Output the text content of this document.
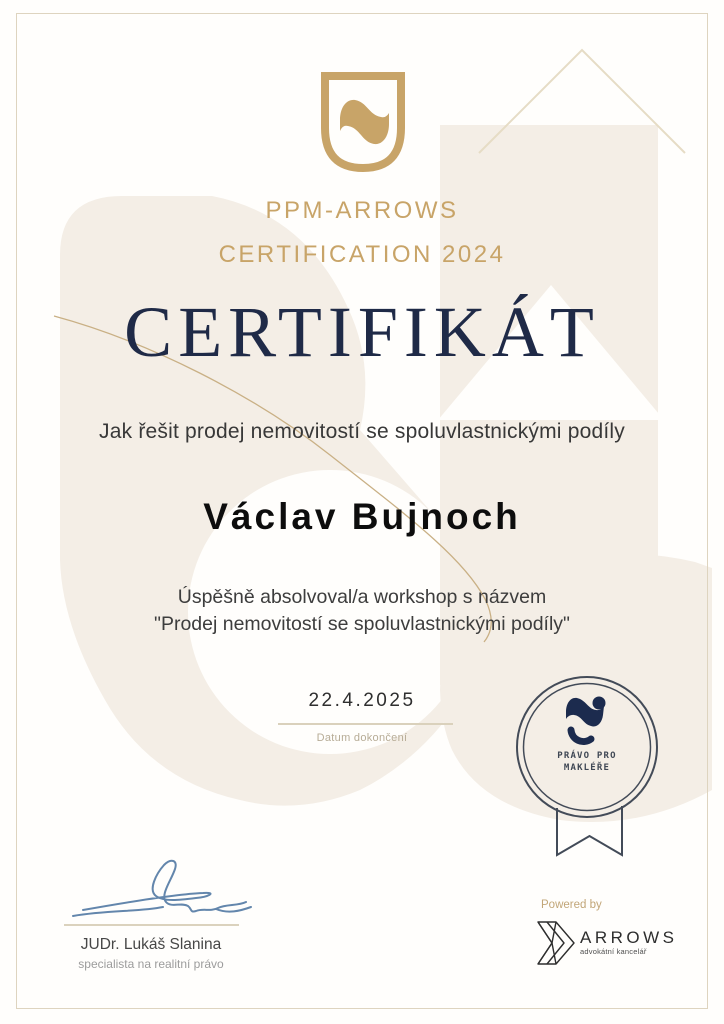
PPM-ARROWS
CERTIFICATION 2024
CERTIFIKÁT
Jak řešit prodej nemovitostí se spoluvlastnickými podíly
Václav Bujnoch
Úspěšně absolvoval/a workshop s názvem
"Prodej nemovitostí se spoluvlastnickými podíly"
22.4.2025
Datum dokončení
PRÁVO PRO
MAKLÉŘE
JUDr. Lukáš Slanina
specialista na realitní právo
Powered by
ARROWS
advokátní kancelář
